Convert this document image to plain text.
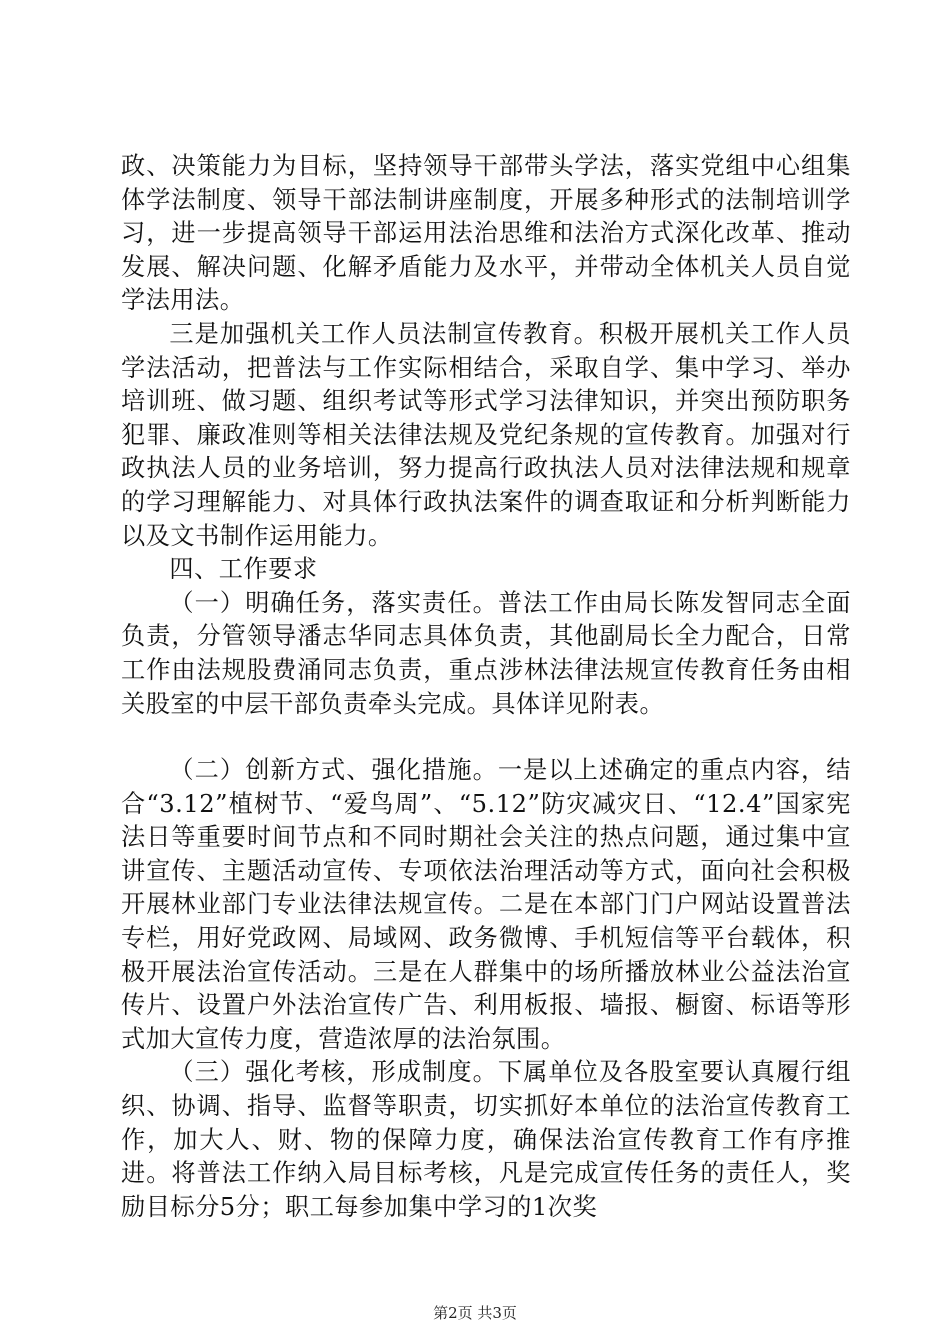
政、决策能力为目标，坚持领导干部带头学法，落实党组中心组集体学法制度、领导干部法制讲座制度，开展多种形式的法制培训学习，进一步提高领导干部运用法治思维和法治方式深化改革、推动发展、解决问题、化解矛盾能力及水平，并带动全体机关人员自觉学法用法。

三是加强机关工作人员法制宣传教育。积极开展机关工作人员学法活动，把普法与工作实际相结合，采取自学、集中学习、举办培训班、做习题、组织考试等形式学习法律知识，并突出预防职务犯罪、廉政准则等相关法律法规及党纪条规的宣传教育。加强对行政执法人员的业务培训，努力提高行政执法人员对法律法规和规章的学习理解能力、对具体行政执法案件的调查取证和分析判断能力以及文书制作运用能力。

四、工作要求

（一）明确任务，落实责任。普法工作由局长陈发智同志全面负责，分管领导潘志华同志具体负责，其他副局长全力配合，日常工作由法规股费涌同志负责，重点涉林法律法规宣传教育任务由相关股室的中层干部负责牵头完成。具体详见附表。

（二）创新方式、强化措施。一是以上述确定的重点内容，结合“3.12”植树节、“爱鸟周”、“5.12”防灾减灾日、“12.4”国家宪法日等重要时间节点和不同时期社会关注的热点问题，通过集中宣讲宣传、主题活动宣传、专项依法治理活动等方式，面向社会积极开展林业部门专业法律法规宣传。二是在本部门门户网站设置普法专栏，用好党政网、局域网、政务微博、手机短信等平台载体，积极开展法治宣传活动。三是在人群集中的场所播放林业公益法治宣传片、设置户外法治宣传广告、利用板报、墙报、橱窗、标语等形式加大宣传力度，营造浓厚的法治氛围。

（三）强化考核，形成制度。下属单位及各股室要认真履行组织、协调、指导、监督等职责，切实抓好本单位的法治宣传教育工作，加大人、财、物的保障力度，确保法治宣传教育工作有序推进。将普法工作纳入局目标考核，凡是完成宣传任务的责任人，奖励目标分5分；职工每参加集中学习的1次奖

第2页 共3页
